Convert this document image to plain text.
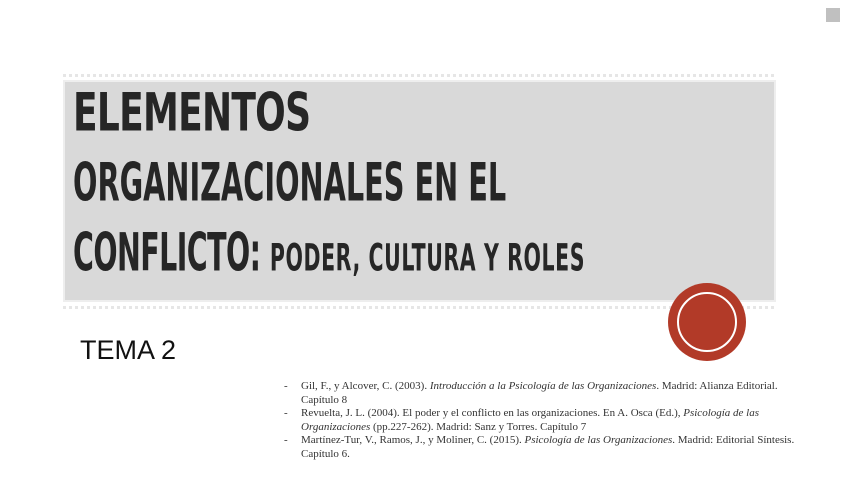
ELEMENTOS
ORGANIZACIONALES EN EL
CONFLICTO: PODER, CULTURA Y ROLES
TEMA 2
- Gil, F., y Alcover, C. (2003). Introducción a la Psicología de las Organizaciones. Madrid: Alianza Editorial. Capítulo 8
- Revuelta, J. L. (2004). El poder y el conflicto en las organizaciones. En A. Osca (Ed.), Psicología de las Organizaciones (pp.227-262). Madrid: Sanz y Torres. Capítulo 7
- Martínez-Tur, V., Ramos, J., y Moliner, C. (2015). Psicología de las Organizaciones. Madrid: Editorial Síntesis. Capítulo 6.
